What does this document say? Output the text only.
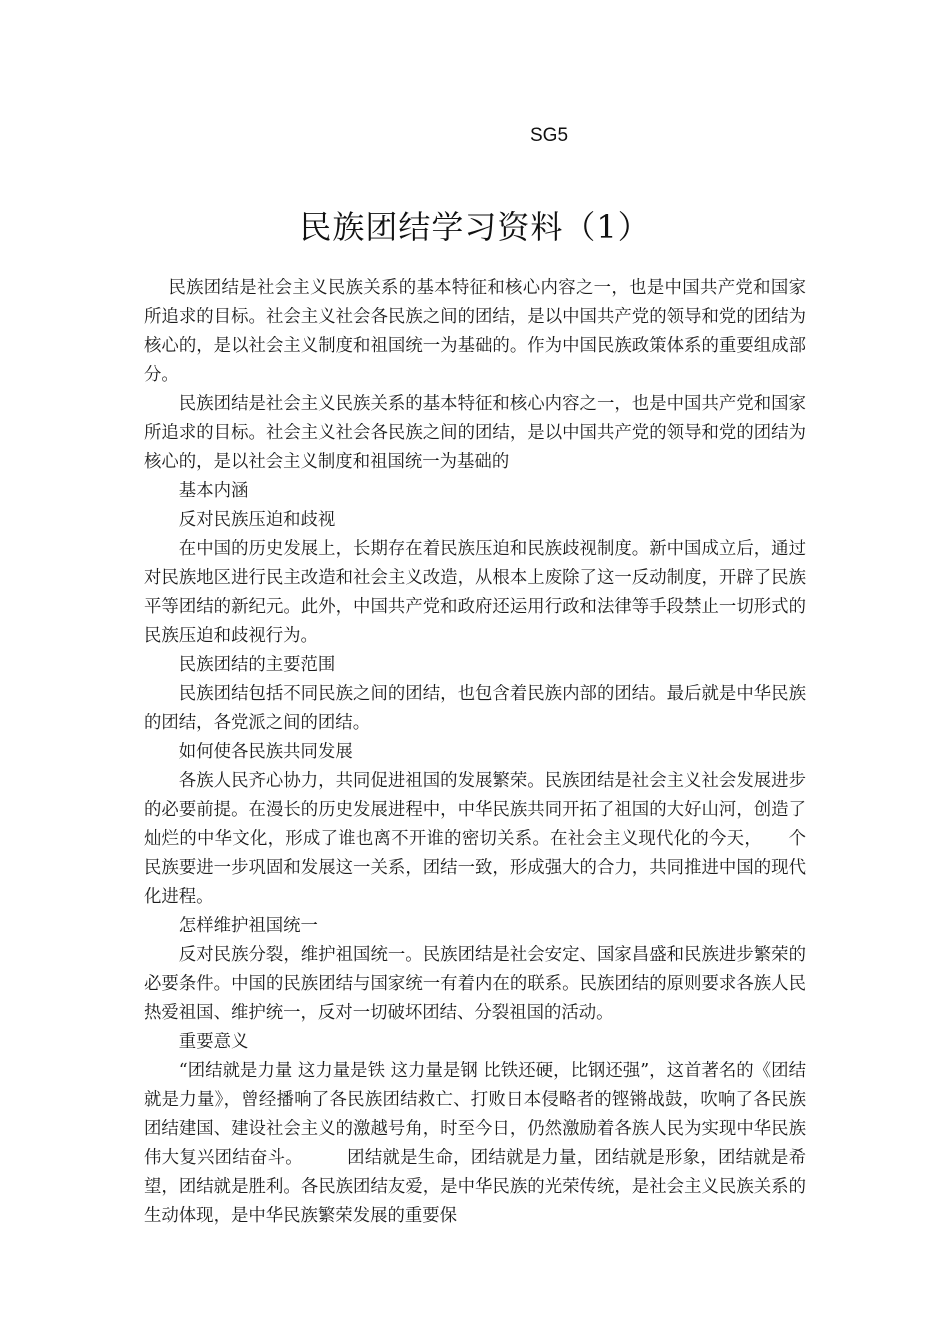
SG5

民族团结学习资料（1）

民族团结是社会主义民族关系的基本特征和核心内容之一，也是中国共产党和国家所追求的目标。社会主义社会各民族之间的团结，是以中国共产党的领导和党的团结为核心的，是以社会主义制度和祖国统一为基础的。作为中国民族政策体系的重要组成部分。

民族团结是社会主义民族关系的基本特征和核心内容之一，也是中国共产党和国家所追求的目标。社会主义社会各民族之间的团结，是以中国共产党的领导和党的团结为核心的，是以社会主义制度和祖国统一为基础的

基本内涵

反对民族压迫和歧视

在中国的历史发展上，长期存在着民族压迫和民族歧视制度。新中国成立后，通过对民族地区进行民主改造和社会主义改造，从根本上废除了这一反动制度，开辟了民族平等团结的新纪元。此外，中国共产党和政府还运用行政和法律等手段禁止一切形式的民族压迫和歧视行为。

民族团结的主要范围

民族团结包括不同民族之间的团结，也包含着民族内部的团结。最后就是中华民族的团结，各党派之间的团结。

如何使各民族共同发展

各族人民齐心协力，共同促进祖国的发展繁荣。民族团结是社会主义社会发展进步的必要前提。在漫长的历史发展进程中，中华民族共同开拓了祖国的大好山河，创造了灿烂的中华文化，形成了谁也离不开谁的密切关系。在社会主义现代化的今天，　　个民族要进一步巩固和发展这一关系，团结一致，形成强大的合力，共同推进中国的现代化进程。

怎样维护祖国统一

反对民族分裂，维护祖国统一。民族团结是社会安定、国家昌盛和民族进步繁荣的必要条件。中国的民族团结与国家统一有着内在的联系。民族团结的原则要求各族人民热爱祖国、维护统一，反对一切破坏团结、分裂祖国的活动。

重要意义

“团结就是力量 这力量是铁 这力量是钢 比铁还硬，比钢还强”，这首著名的《团结就是力量》，曾经播响了各民族团结救亡、打败日本侵略者的铿锵战鼓，吹响了各民族团结建国、建设社会主义的激越号角，时至今日，仍然激励着各族人民为实现中华民族伟大复兴团结奋斗。　　　团结就是生命，团结就是力量，团结就是形象，团结就是希望，团结就是胜利。各民族团结友爱，是中华民族的光荣传统，是社会主义民族关系的生动体现，是中华民族繁荣发展的重要保
